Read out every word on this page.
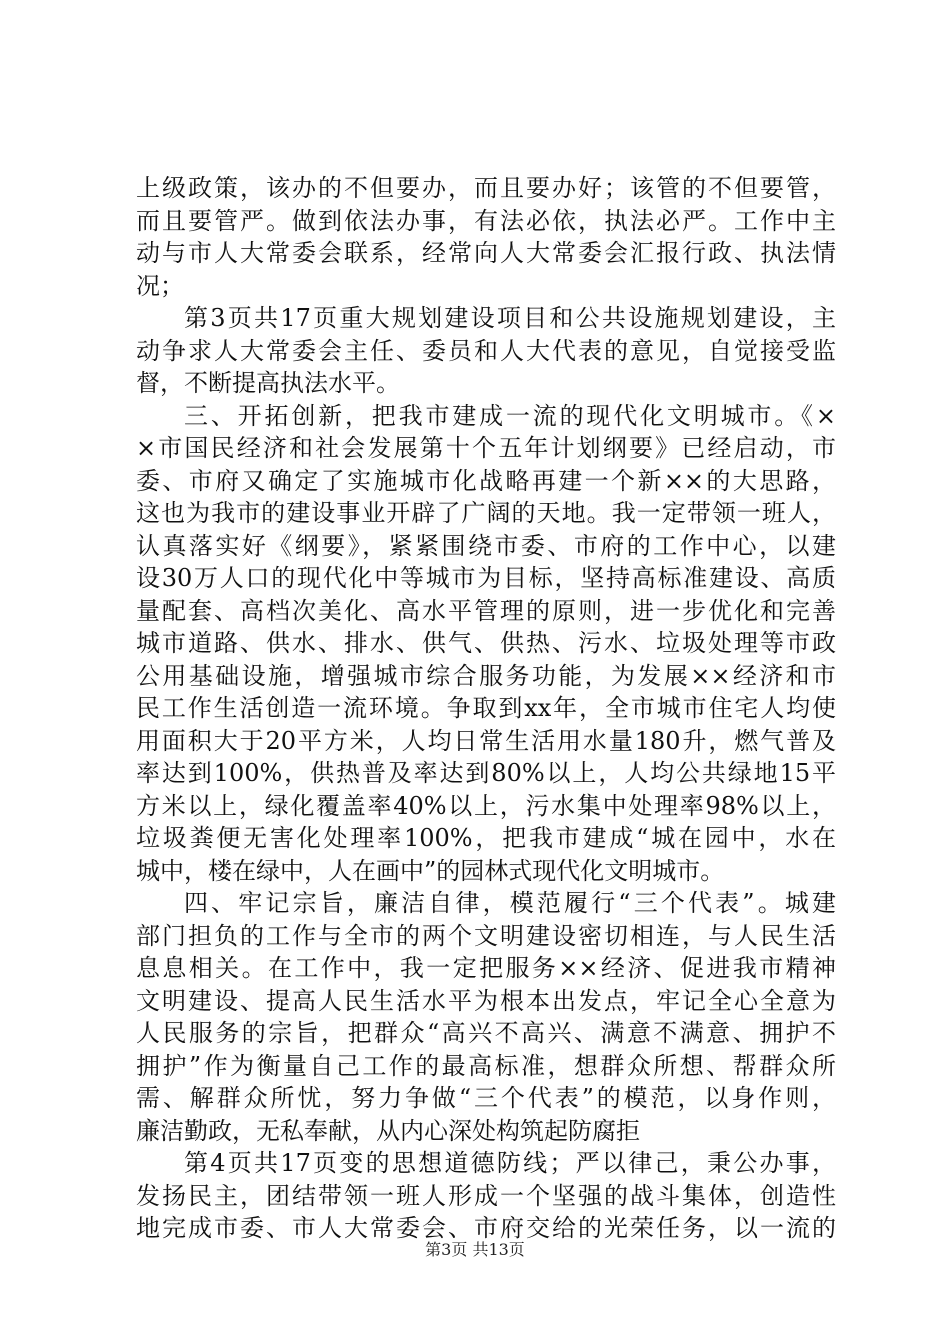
上级政策，该办的不但要办，而且要办好；该管的不但要管，
而且要管严。做到依法办事，有法必依，执法必严。工作中主
动与市人大常委会联系，经常向人大常委会汇报行政、执法情
况；
第3页共17页重大规划建设项目和公共设施规划建设，主
动争求人大常委会主任、委员和人大代表的意见，自觉接受监
督，不断提高执法水平。
三、开拓创新，把我市建成一流的现代化文明城市。《×
×市国民经济和社会发展第十个五年计划纲要》已经启动，市
委、市府又确定了实施城市化战略再建一个新××的大思路，
这也为我市的建设事业开辟了广阔的天地。我一定带领一班人，
认真落实好《纲要》，紧紧围绕市委、市府的工作中心，以建
设30万人口的现代化中等城市为目标，坚持高标准建设、高质
量配套、高档次美化、高水平管理的原则，进一步优化和完善
城市道路、供水、排水、供气、供热、污水、垃圾处理等市政
公用基础设施，增强城市综合服务功能，为发展××经济和市
民工作生活创造一流环境。争取到xx年，全市城市住宅人均使
用面积大于20平方米，人均日常生活用水量180升，燃气普及
率达到100%，供热普及率达到80%以上，人均公共绿地15平
方米以上，绿化覆盖率40%以上，污水集中处理率98%以上，
垃圾粪便无害化处理率100%，把我市建成“城在园中，水在
城中，楼在绿中，人在画中”的园林式现代化文明城市。
四、牢记宗旨，廉洁自律，模范履行“三个代表”。城建
部门担负的工作与全市的两个文明建设密切相连，与人民生活
息息相关。在工作中，我一定把服务××经济、促进我市精神
文明建设、提高人民生活水平为根本出发点，牢记全心全意为
人民服务的宗旨，把群众“高兴不高兴、满意不满意、拥护不
拥护”作为衡量自己工作的最高标准，想群众所想、帮群众所
需、解群众所忧，努力争做“三个代表”的模范，以身作则，
廉洁勤政，无私奉献，从内心深处构筑起防腐拒
第4页共17页变的思想道德防线；严以律己，秉公办事，
发扬民主，团结带领一班人形成一个坚强的战斗集体，创造性
地完成市委、市人大常委会、市府交给的光荣任务，以一流的
第3页 共13页
